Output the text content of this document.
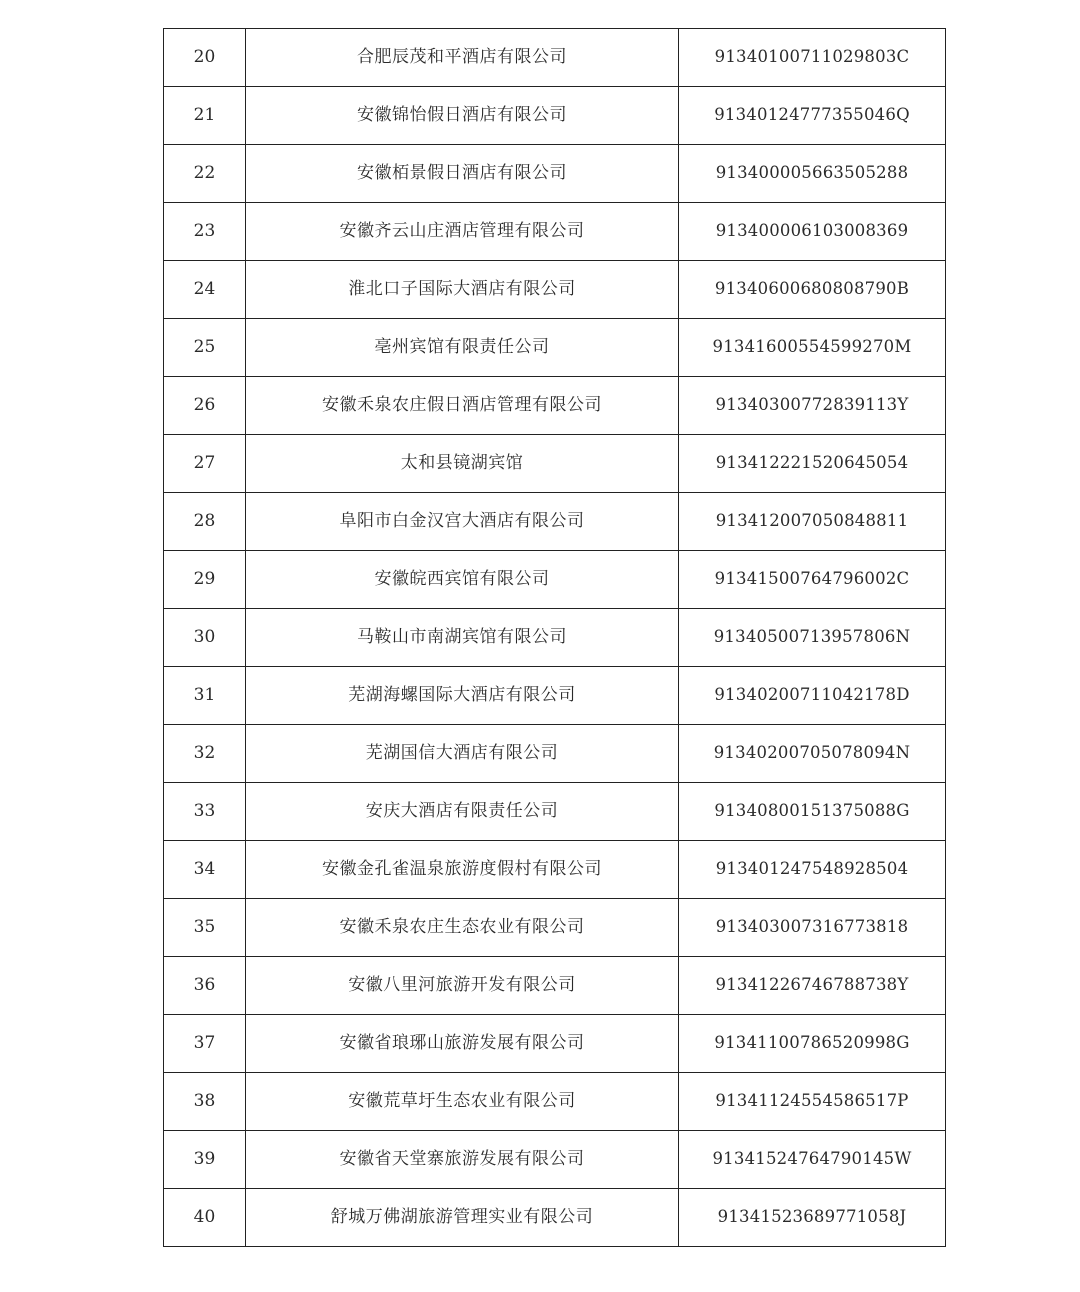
20	合肥辰茂和平酒店有限公司	91340100711029803C
21	安徽锦怡假日酒店有限公司	91340124777355046Q
22	安徽栢景假日酒店有限公司	913400005663505288
23	安徽齐云山庄酒店管理有限公司	913400006103008369
24	淮北口子国际大酒店有限公司	91340600680808790B
25	亳州宾馆有限责任公司	91341600554599270M
26	安徽禾泉农庄假日酒店管理有限公司	91340300772839113Y
27	太和县镜湖宾馆	913412221520645054
28	阜阳市白金汉宫大酒店有限公司	913412007050848811
29	安徽皖西宾馆有限公司	91341500764796002C
30	马鞍山市南湖宾馆有限公司	91340500713957806N
31	芜湖海螺国际大酒店有限公司	91340200711042178D
32	芜湖国信大酒店有限公司	91340200705078094N
33	安庆大酒店有限责任公司	91340800151375088G
34	安徽金孔雀温泉旅游度假村有限公司	913401247548928504
35	安徽禾泉农庄生态农业有限公司	913403007316773818
36	安徽八里河旅游开发有限公司	91341226746788738Y
37	安徽省琅琊山旅游发展有限公司	91341100786520998G
38	安徽荒草圩生态农业有限公司	91341124554586517P
39	安徽省天堂寨旅游发展有限公司	91341524764790145W
40	舒城万佛湖旅游管理实业有限公司	91341523689771058J
